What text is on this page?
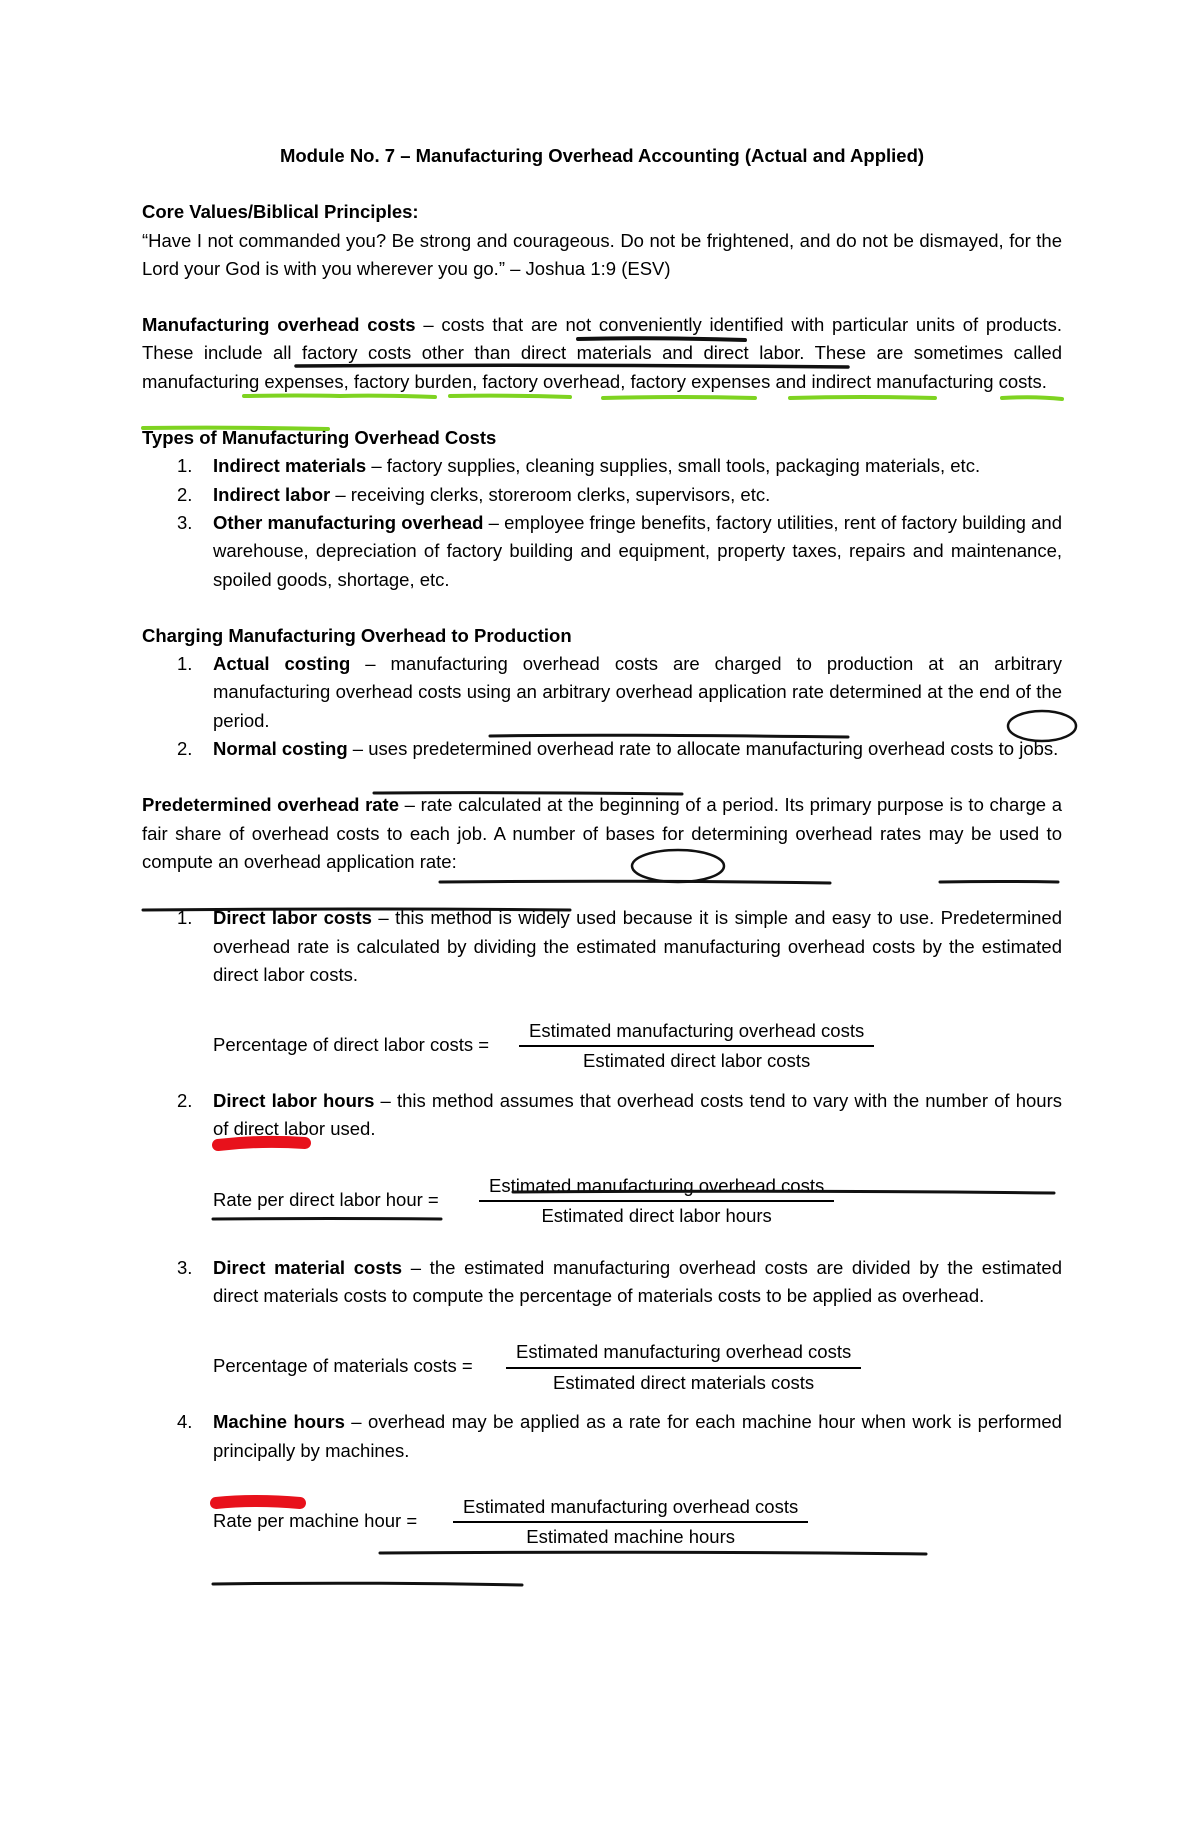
Module No. 7 – Manufacturing Overhead Accounting (Actual and Applied)

Core Values/Biblical Principles:

“Have I not commanded you? Be strong and courageous. Do not be frightened, and do not be dismayed, for the Lord your God is with you wherever you go.” – Joshua 1:9 (ESV)

Manufacturing overhead costs – costs that are not conveniently identified with particular units of products. These include all factory costs other than direct materials and direct labor. These are sometimes called manufacturing expenses, factory burden, factory overhead, factory expenses and indirect manufacturing costs.

Types of Manufacturing Overhead Costs

1. Indirect materials – factory supplies, cleaning supplies, small tools, packaging materials, etc.
2. Indirect labor – receiving clerks, storeroom clerks, supervisors, etc.
3. Other manufacturing overhead – employee fringe benefits, factory utilities, rent of factory building and warehouse, depreciation of factory building and equipment, property taxes, repairs and maintenance, spoiled goods, shortage, etc.

Charging Manufacturing Overhead to Production

1. Actual costing – manufacturing overhead costs are charged to production at an arbitrary manufacturing overhead costs using an arbitrary overhead application rate determined at the end of the period.
2. Normal costing – uses predetermined overhead rate to allocate manufacturing overhead costs to jobs.

Predetermined overhead rate – rate calculated at the beginning of a period. Its primary purpose is to charge a fair share of overhead costs to each job. A number of bases for determining overhead rates may be used to compute an overhead application rate:

1. Direct labor costs – this method is widely used because it is simple and easy to use. Predetermined overhead rate is calculated by dividing the estimated manufacturing overhead costs by the estimated direct labor costs.
Percentage of direct labor costs =
Estimated manufacturing overhead costs
Estimated direct labor costs
2. Direct labor hours – this method assumes that overhead costs tend to vary with the number of hours of direct labor used.
Rate per direct labor hour =
Estimated manufacturing overhead costs
Estimated direct labor hours
3. Direct material costs – the estimated manufacturing overhead costs are divided by the estimated direct materials costs to compute the percentage of materials costs to be applied as overhead.
Percentage of materials costs =
Estimated manufacturing overhead costs
Estimated direct materials costs
4. Machine hours – overhead may be applied as a rate for each machine hour when work is performed principally by machines.
Rate per machine hour =
Estimated manufacturing overhead costs
Estimated machine hours
